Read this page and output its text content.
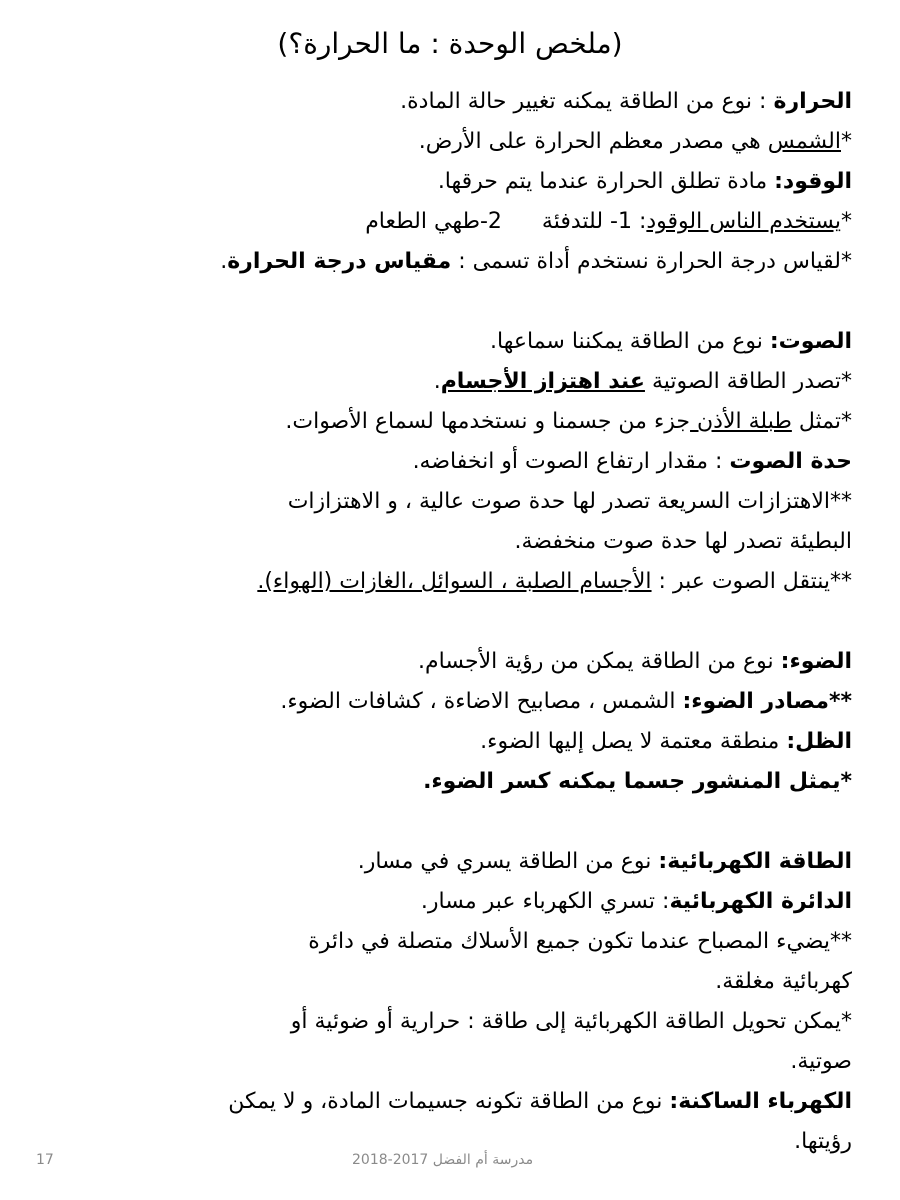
(ملخص الوحدة : ما الحرارة؟)
الحرارة : نوع من الطاقة يمكنه تغيير حالة المادة.
*الشمس هي مصدر معظم الحرارة على الأرض.
الوقود: مادة تطلق الحرارة عندما يتم حرقها.
*يستخدم الناس الوقود: 1- للتدفئة2-طهي الطعام
*لقياس درجة الحرارة نستخدم أداة تسمى : مقياس درجة الحرارة.
الصوت: نوع من الطاقة يمكننا سماعها.
*تصدر الطاقة الصوتية عند اهتزاز الأجسام.
*تمثل طبلة الأذن جزء من جسمنا و نستخدمها لسماع الأصوات.
حدة الصوت : مقدار ارتفاع الصوت أو انخفاضه.
**الاهتزازات السريعة تصدر لها حدة صوت عالية ، و الاهتزازات
البطيئة تصدر لها حدة صوت منخفضة.
**ينتقل الصوت عبر : الأجسام الصلبة ، السوائل ،الغازات (الهواء).
الضوء: نوع من الطاقة يمكن من رؤية الأجسام.
**مصادر الضوء: الشمس ، مصابيح الاضاءة ، كشافات الضوء.
الظل: منطقة معتمة لا يصل إليها الضوء.
*يمثل المنشور جسما يمكنه كسر الضوء.
الطاقة الكهربائية: نوع من الطاقة يسري في مسار.
الدائرة الكهربائية: تسري الكهرباء عبر مسار.
**يضيء المصباح عندما تكون جميع الأسلاك متصلة في دائرة
كهربائية مغلقة.
*يمكن تحويل الطاقة الكهربائية إلى طاقة : حرارية أو ضوئية أو
صوتية.
الكهرباء الساكنة: نوع من الطاقة تكونه جسيمات المادة، و لا يمكن
رؤيتها.
مدرسة أم الفضل 2017-2018
17
